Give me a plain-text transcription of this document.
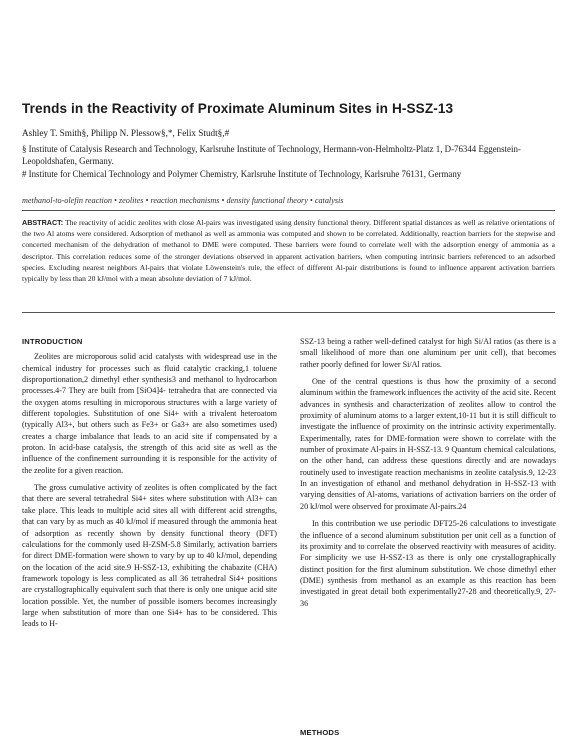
Trends in the Reactivity of Proximate Aluminum Sites in H-SSZ-13
Ashley T. Smith§, Philipp N. Plessow§,*, Felix Studt§,#
§ Institute of Catalysis Research and Technology, Karlsruhe Institute of Technology, Hermann-von-Helmholtz-Platz 1, D-76344 Eggenstein-Leopoldshafen, Germany.
# Institute for Chemical Technology and Polymer Chemistry, Karlsruhe Institute of Technology, Karlsruhe 76131, Germany
methanol-to-olefin reaction • zeolites • reaction mechanisms • density functional theory • catalysis
ABSTRACT: The reactivity of acidic zeolites with close Al-pairs was investigated using density functional theory. Different spatial distances as well as relative orientations of the two Al atoms were considered. Adsorption of methanol as well as ammonia was computed and shown to be correlated. Additionally, reaction barriers for the stepwise and concerted mechanism of the dehydration of methanol to DME were computed. These barriers were found to correlate well with the adsorption energy of ammonia as a descriptor. This correlation reduces some of the stronger deviations observed in apparent activation barriers, when computing intrinsic barriers referenced to an adsorbed species. Excluding nearest neighbors Al-pairs that violate Löwenstein's rule, the effect of different Al-pair distributions is found to influence apparent activation barriers typically by less than 20 kJ/mol with a mean absolute deviation of 7 kJ/mol.
INTRODUCTION

Zeolites are microporous solid acid catalysts with widespread use in the chemical industry for processes such as fluid catalytic cracking,1 toluene disproportionation,2 dimethyl ether synthesis3 and methanol to hydrocarbon processes.4-7 They are built from [SiO4]4- tetrahedra that are connected via the oxygen atoms resulting in microporous structures with a large variety of different topologies. Substitution of one Si4+ with a trivalent heteroatom (typically Al3+, but others such as Fe3+ or Ga3+ are also sometimes used) creates a charge imbalance that leads to an acid site if compensated by a proton. In acid-base catalysis, the strength of this acid site as well as the influence of the confinement surrounding it is responsible for the activity of the zeolite for a given reaction.

The gross cumulative activity of zeolites is often complicated by the fact that there are several tetrahedral Si4+ sites where substitution with Al3+ can take place. This leads to multiple acid sites all with different acid strengths, that can vary by as much as 40 kJ/mol if measured through the ammonia heat of adsorption as recently shown by density functional theory (DFT) calculations for the commonly used H-ZSM-5.8 Similarly, activation barriers for direct DME-formation were shown to vary by up to 40 kJ/mol, depending on the location of the acid site.9 H-SSZ-13, exhibiting the chabazite (CHA) framework topology is less complicated as all 36 tetrahedral Si4+ positions are crystallographically equivalent such that there is only one unique acid site location possible. Yet, the number of possible isomers becomes increasingly large when substitution of more than one Si4+ has to be considered. This leads to H-

SSZ-13 being a rather well-defined catalyst for high Si/Al ratios (as there is a small likelihood of more than one aluminum per unit cell), that becomes rather poorly defined for lower Si/Al ratios.

One of the central questions is thus how the proximity of a second aluminum within the framework influences the activity of the acid site. Recent advances in synthesis and characterization of zeolites allow to control the proximity of aluminum atoms to a larger extent,10-11 but it is still difficult to investigate the influence of proximity on the intrinsic activity experimentally. Experimentally, rates for DME-formation were shown to correlate with the number of proximate Al-pairs in H-SSZ-13. 9 Quantum chemical calculations, on the other hand, can address these questions directly and are nowadays routinely used to investigate reaction mechanisms in zeolite catalysis.9, 12-23 In an investigation of ethanol and methanol dehydration in H-SSZ-13 with varying densities of Al-atoms, variations of activation barriers on the order of 20 kJ/mol were observed for proximate Al-pairs.24

In this contribution we use periodic DFT25-26 calculations to investigate the influence of a second aluminum substitution per unit cell as a function of its proximity and to correlate the observed reactivity with measures of acidity. For simplicity we use H-SSZ-13 as there is only one crystallographically distinct position for the first aluminum substitution. We chose dimethyl ether (DME) synthesis from methanol as an example as this reaction has been investigated in great detail both experimentally27-28 and theoretically.9, 27-36

METHODS
